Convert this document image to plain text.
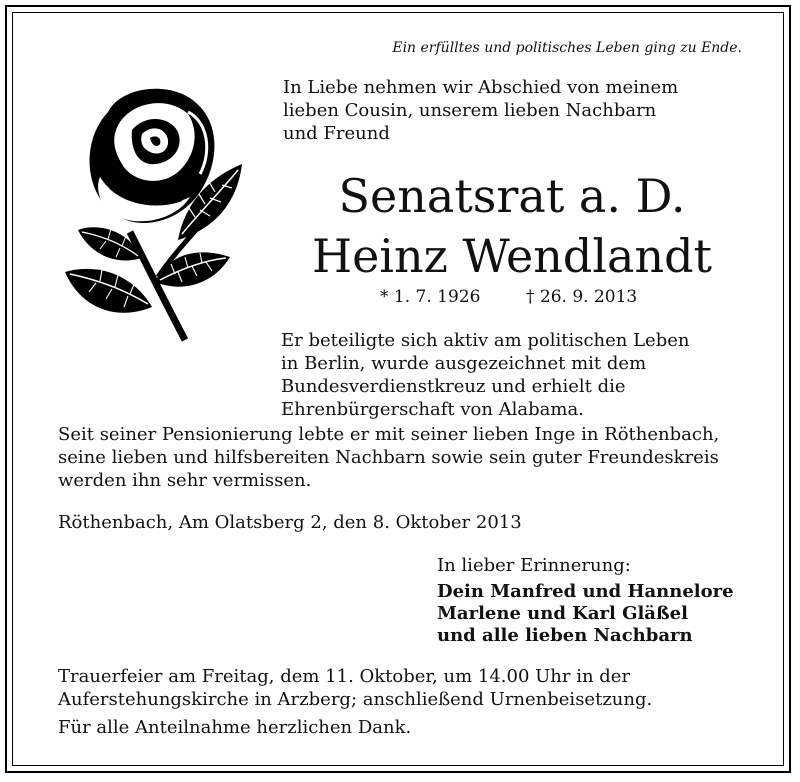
Ein erfülltes und politisches Leben ging zu Ende.
In Liebe nehmen wir Abschied von meinem
lieben Cousin, unserem lieben Nachbarn
und Freund
Senatsrat a. D.
Heinz Wendlandt
* 1. 7. 1926	† 26. 9. 2013
Er beteiligte sich aktiv am politischen Leben
in Berlin, wurde ausgezeichnet mit dem
Bundesverdienstkreuz und erhielt die
Ehrenbürgerschaft von Alabama.
Seit seiner Pensionierung lebte er mit seiner lieben Inge in Röthenbach,
seine lieben und hilfsbereiten Nachbarn sowie sein guter Freundeskreis
werden ihn sehr vermissen.
Röthenbach, Am Olatsberg 2, den 8. Oktober 2013
In lieber Erinnerung:
Dein Manfred und Hannelore
Marlene und Karl Gläßel
und alle lieben Nachbarn
Trauerfeier am Freitag, dem 11. Oktober, um 14.00 Uhr in der
Auferstehungskirche in Arzberg; anschließend Urnenbeisetzung.
Für alle Anteilnahme herzlichen Dank.
